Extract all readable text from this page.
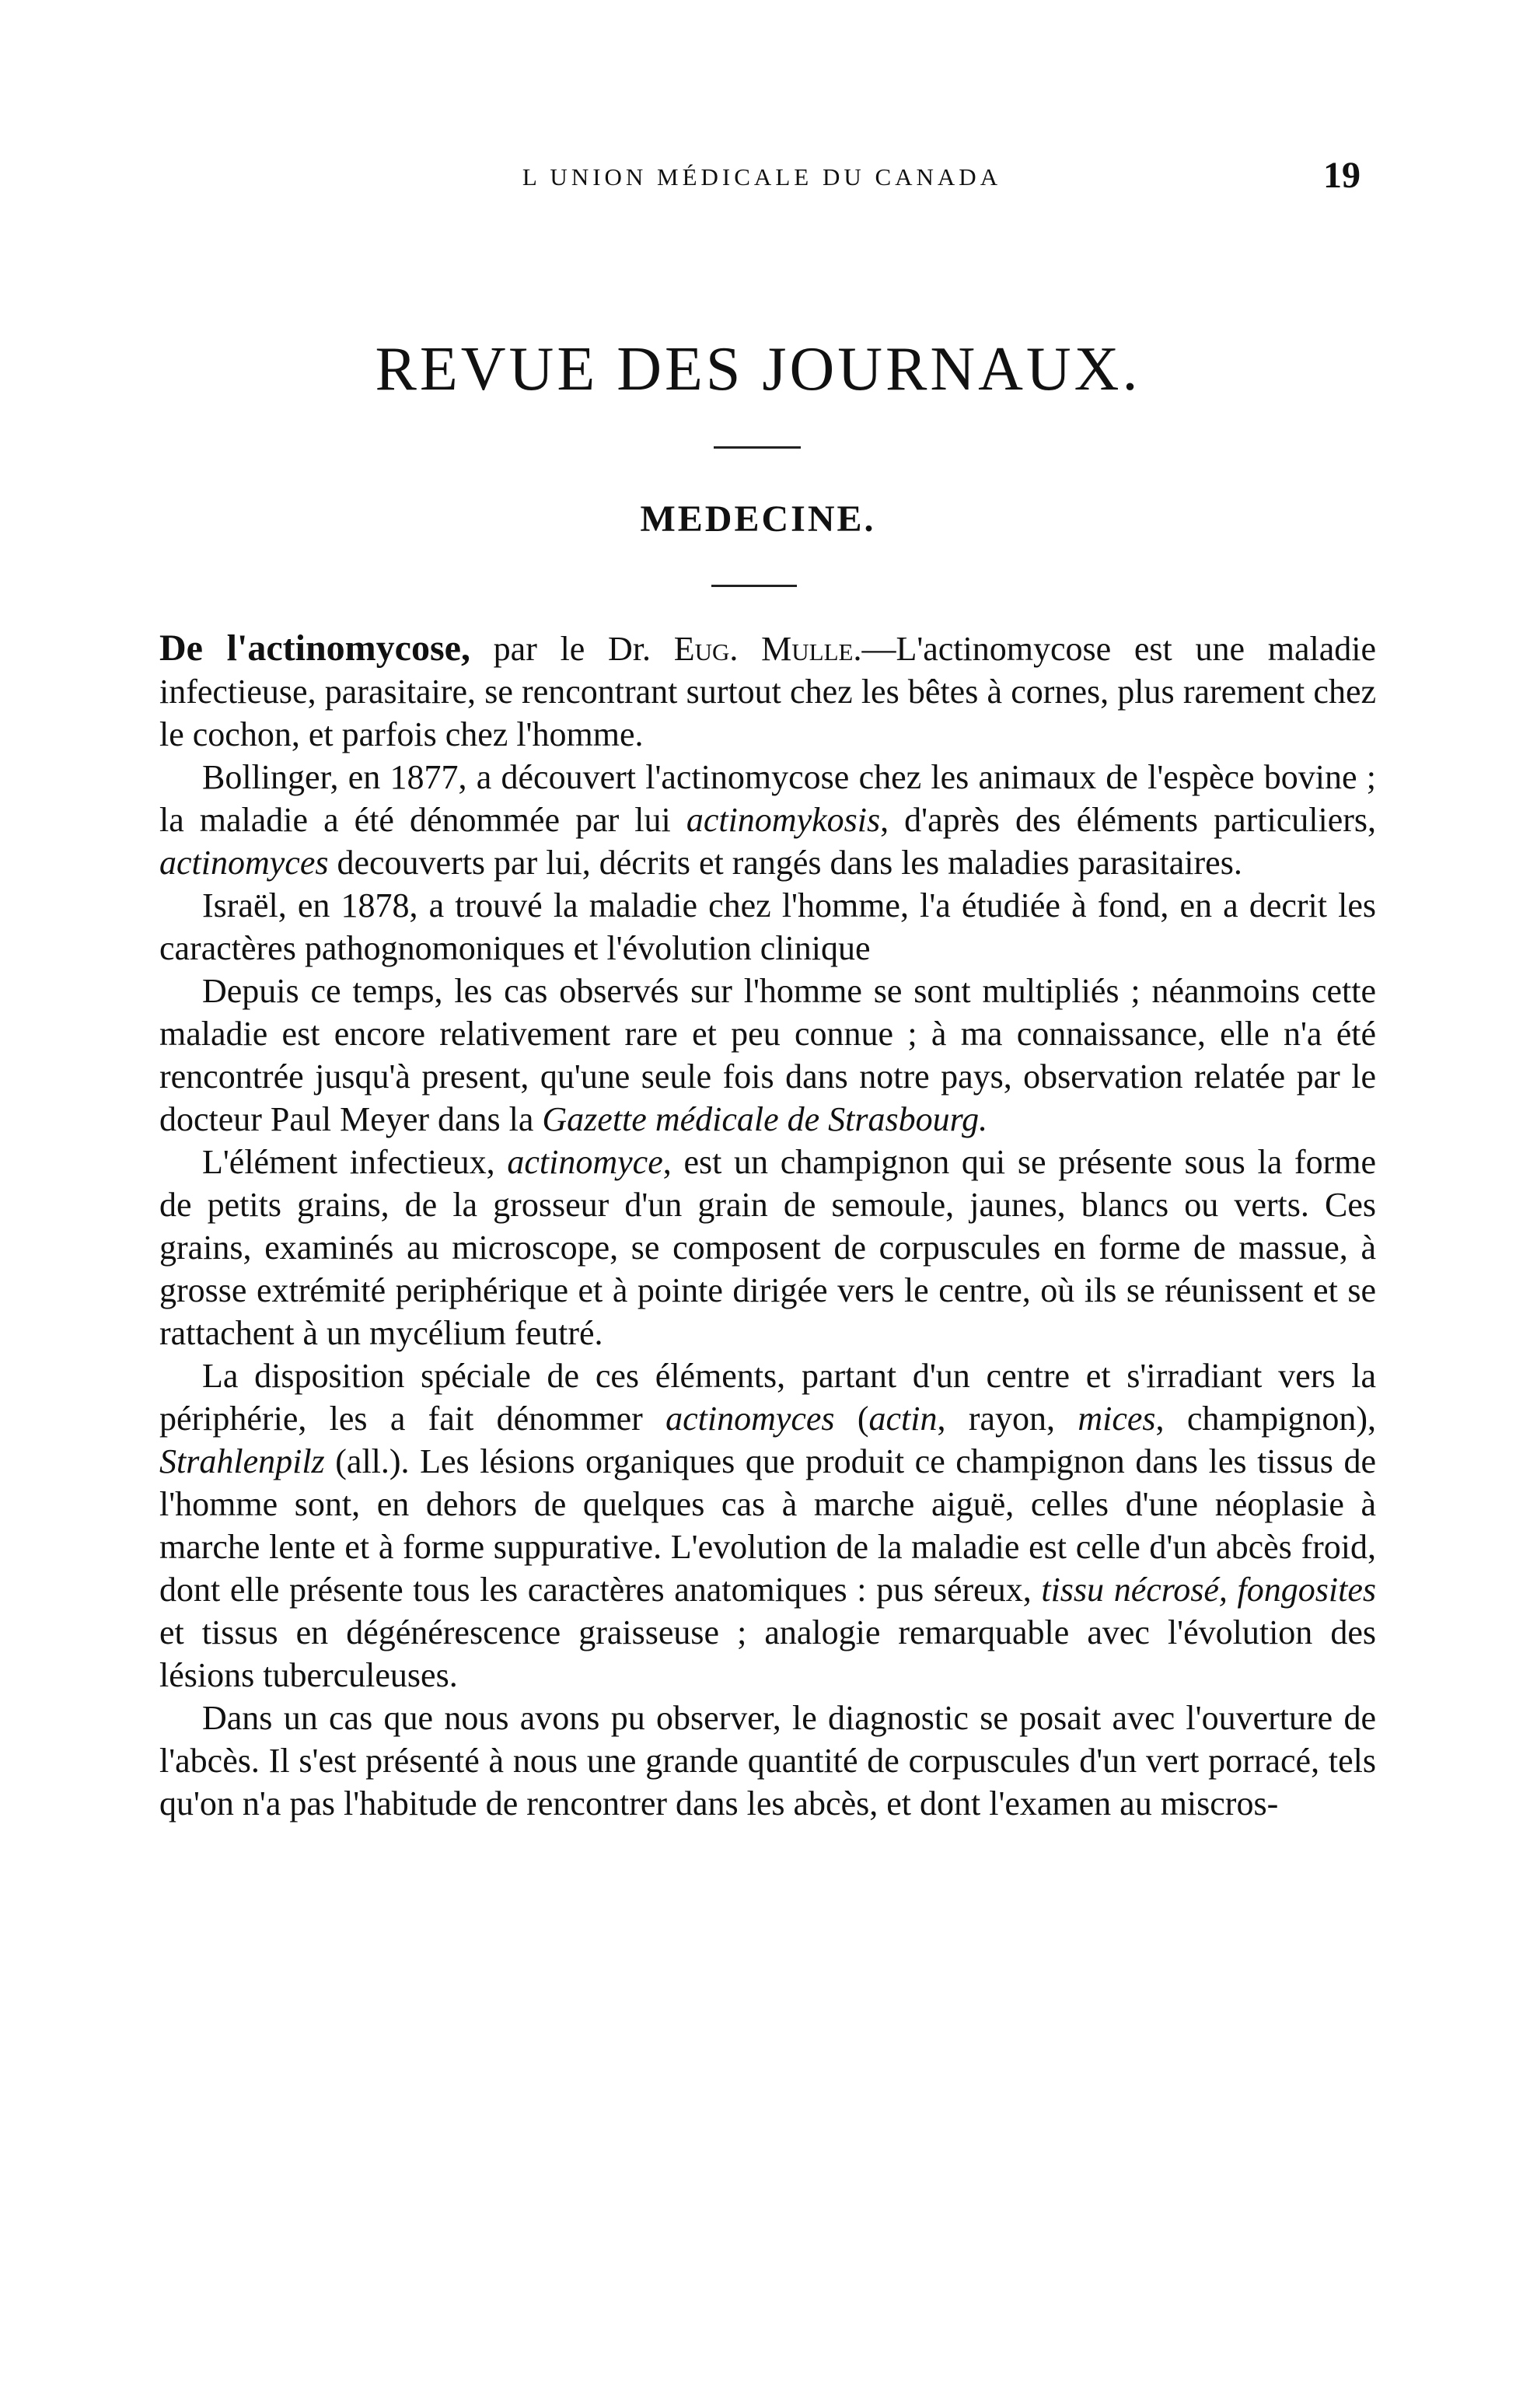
L UNION MÉDICALE DU CANADA	19
REVUE DES JOURNAUX.
MEDECINE.

De l'actinomycose, par le Dr. Eug. Mulle.—L'actinomycose est une maladie infectieuse, parasitaire, se rencontrant surtout chez les bêtes à cornes, plus rarement chez le cochon, et parfois chez l'homme.

Bollinger, en 1877, a découvert l'actinomycose chez les animaux de l'espèce bovine ; la maladie a été dénommée par lui actinomykosis, d'après des éléments particuliers, actinomyces decouverts par lui, décrits et rangés dans les maladies parasitaires.

Israël, en 1878, a trouvé la maladie chez l'homme, l'a étudiée à fond, en a decrit les caractères pathognomoniques et l'évolution clinique

Depuis ce temps, les cas observés sur l'homme se sont multipliés ; néanmoins cette maladie est encore relativement rare et peu connue ; à ma connaissance, elle n'a été rencontrée jusqu'à present, qu'une seule fois dans notre pays, observation relatée par le docteur Paul Meyer dans la Gazette médicale de Strasbourg.

L'élément infectieux, actinomyce, est un champignon qui se présente sous la forme de petits grains, de la grosseur d'un grain de semoule, jaunes, blancs ou verts. Ces grains, examinés au microscope, se composent de corpuscules en forme de massue, à grosse extrémité periphérique et à pointe dirigée vers le centre, où ils se réunissent et se rattachent à un mycélium feutré.

La disposition spéciale de ces éléments, partant d'un centre et s'irradiant vers la périphérie, les a fait dénommer actinomyces (actin, rayon, mices, champignon), Strahlenpilz (all.). Les lésions organiques que produit ce champignon dans les tissus de l'homme sont, en dehors de quelques cas à marche aiguë, celles d'une néoplasie à marche lente et à forme suppurative. L'evolution de la maladie est celle d'un abcès froid, dont elle présente tous les caractères anatomiques : pus séreux, tissu nécrosé, fongosites et tissus en dégénérescence graisseuse ; analogie remarquable avec l'évolution des lésions tuberculeuses.

Dans un cas que nous avons pu observer, le diagnostic se posait avec l'ouverture de l'abcès. Il s'est présenté à nous une grande quantité de corpuscules d'un vert porracé, tels qu'on n'a pas l'habitude de rencontrer dans les abcès, et dont l'examen au miscros-
